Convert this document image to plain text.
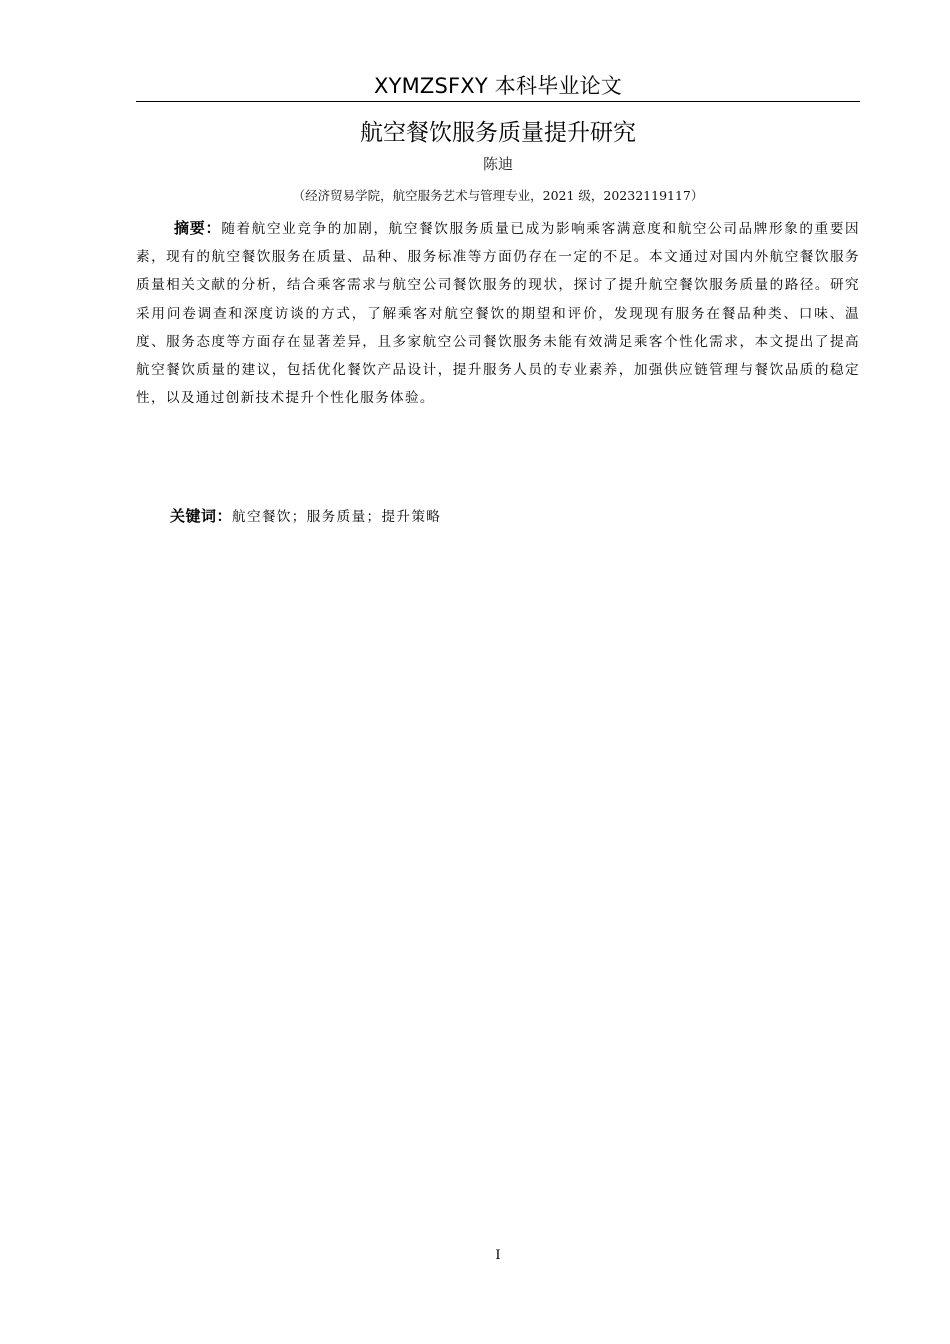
XYMZSFXY 本科毕业论文
航空餐饮服务质量提升研究
陈迪
（经济贸易学院，航空服务艺术与管理专业，2021 级，20232119117）

摘要：随着航空业竞争的加剧，航空餐饮服务质量已成为影响乘客满意度和航空公司品牌形象的重要因素，现有的航空餐饮服务在质量、品种、服务标准等方面仍存在一定的不足。本文通过对国内外航空餐饮服务质量相关文献的分析，结合乘客需求与航空公司餐饮服务的现状，探讨了提升航空餐饮服务质量的路径。研究采用问卷调查和深度访谈的方式，了解乘客对航空餐饮的期望和评价，发现现有服务在餐品种类、口味、温度、服务态度等方面存在显著差异，且多家航空公司餐饮服务未能有效满足乘客个性化需求，本文提出了提高航空餐饮质量的建议，包括优化餐饮产品设计，提升服务人员的专业素养，加强供应链管理与餐饮品质的稳定性，以及通过创新技术提升个性化服务体验。

关键词：航空餐饮；服务质量；提升策略

I
